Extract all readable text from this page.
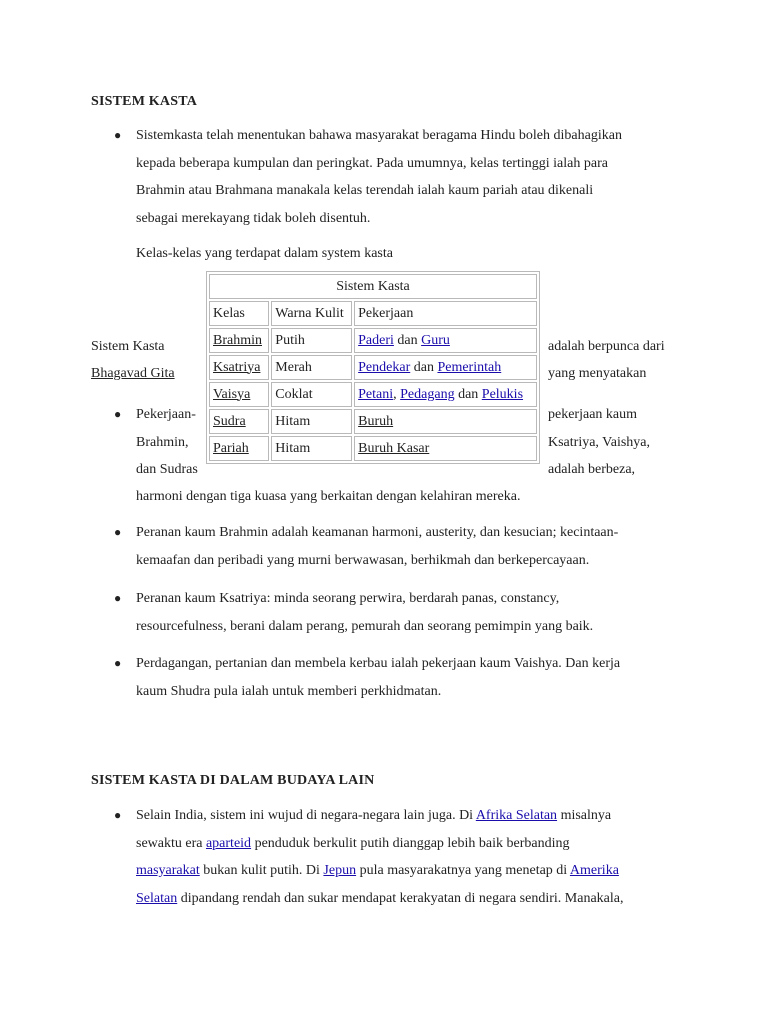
SISTEM KASTA
● Sistemkasta telah menentukan bahawa masyarakat beragama Hindu boleh dibahagikan
kepada beberapa kumpulan dan peringkat. Pada umumnya, kelas tertinggi ialah para
Brahmin atau Brahmana manakala kelas terendah ialah kaum pariah atau dikenali
sebagai merekayang tidak boleh disentuh.
Kelas-kelas yang terdapat dalam system kasta
Sistem Kasta
Bhagavad Gita
adalah berpunca dari
yang menyatakan
● Pekerjaan-
Brahmin,
dan Sudras
pekerjaan kaum
Ksatriya, Vaishya,
adalah berbeza,
harmoni dengan tiga kuasa yang berkaitan dengan kelahiran mereka.
Sistem Kasta		
Kelas	Warna Kulit	Pekerjaan
Brahmin	Putih	Paderi dan Guru
Ksatriya	Merah	Pendekar dan Pemerintah
Vaisya	Coklat	Petani, Pedagang dan Pelukis
Sudra	Hitam	Buruh
Pariah	Hitam	Buruh Kasar
● Peranan kaum Brahmin adalah keamanan harmoni, austerity, dan kesucian; kecintaan-
kemaafan dan peribadi yang murni berwawasan, berhikmah dan berkepercayaan.
● Peranan kaum Ksatriya: minda seorang perwira, berdarah panas, constancy,
resourcefulness, berani dalam perang, pemurah dan seorang pemimpin yang baik.
● Perdagangan, pertanian dan membela kerbau ialah pekerjaan kaum Vaishya. Dan kerja
kaum Shudra pula ialah untuk memberi perkhidmatan.
SISTEM KASTA DI DALAM BUDAYA LAIN
● Selain India, sistem ini wujud di negara-negara lain juga. Di Afrika Selatan misalnya
sewaktu era aparteid penduduk berkulit putih dianggap lebih baik berbanding
masyarakat bukan kulit putih. Di Jepun pula masyarakatnya yang menetap di Amerika
Selatan dipandang rendah dan sukar mendapat kerakyatan di negara sendiri. Manakala,
